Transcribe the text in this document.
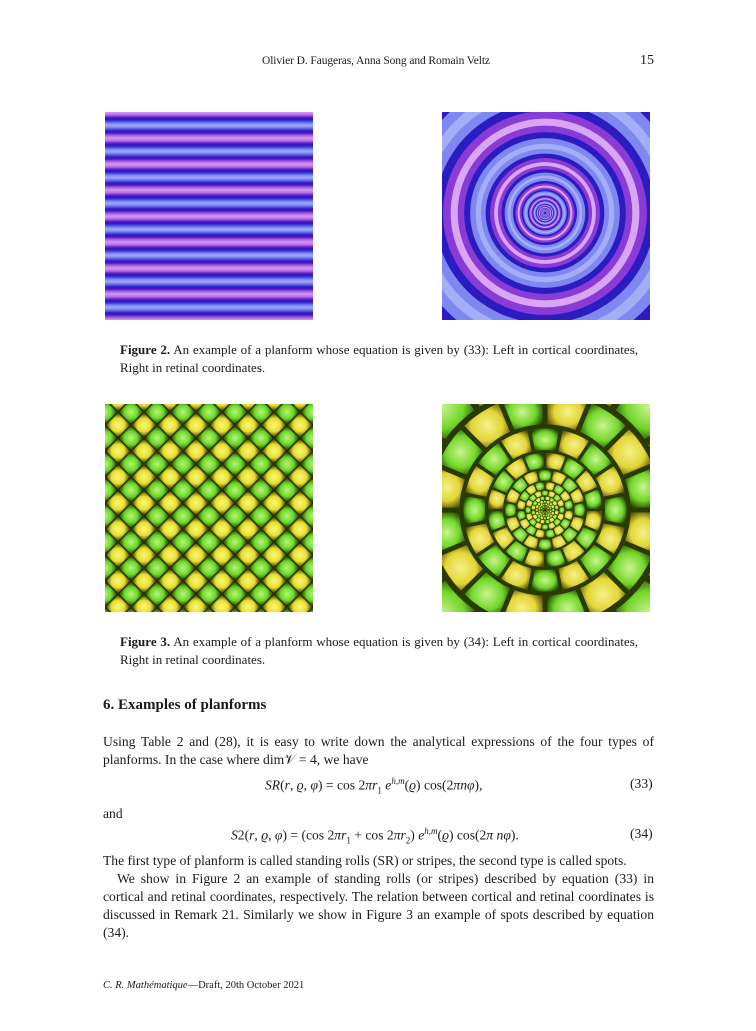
Olivier D. Faugeras, Anna Song and Romain Veltz	15
Figure 2. An example of a planform whose equation is given by (33): Left in cortical coordinates, Right in retinal coordinates.
Figure 3. An example of a planform whose equation is given by (34): Left in cortical coordinates, Right in retinal coordinates.
6. Examples of planforms
Using Table 2 and (28), it is easy to write down the analytical expressions of the four types of planforms. In the case where dim𝒱 = 4, we have
SR(r, ϱ, $\varphi) = \cos 2\pi r_1$ $e^{h,m}(ϱ)$ cos(2πnφ),	(33)
and
S2(r, ϱ, φ) = (cos $2\pi r_1 + \cos 2\pi r_2$) $e^{h,m}(ϱ)$ cos(2π nφ).	(34)
The first type of planform is called standing rolls (SR) or stripes, the second type is called spots.
We show in Figure 2 an example of standing rolls (or stripes) described by equation (33) in cortical and retinal coordinates, respectively. The relation between cortical and retinal coordinates is discussed in Remark 21. Similarly we show in Figure 3 an example of spots described by equation (34).
C. R. Mathématique—Draft, 20th October 2021
